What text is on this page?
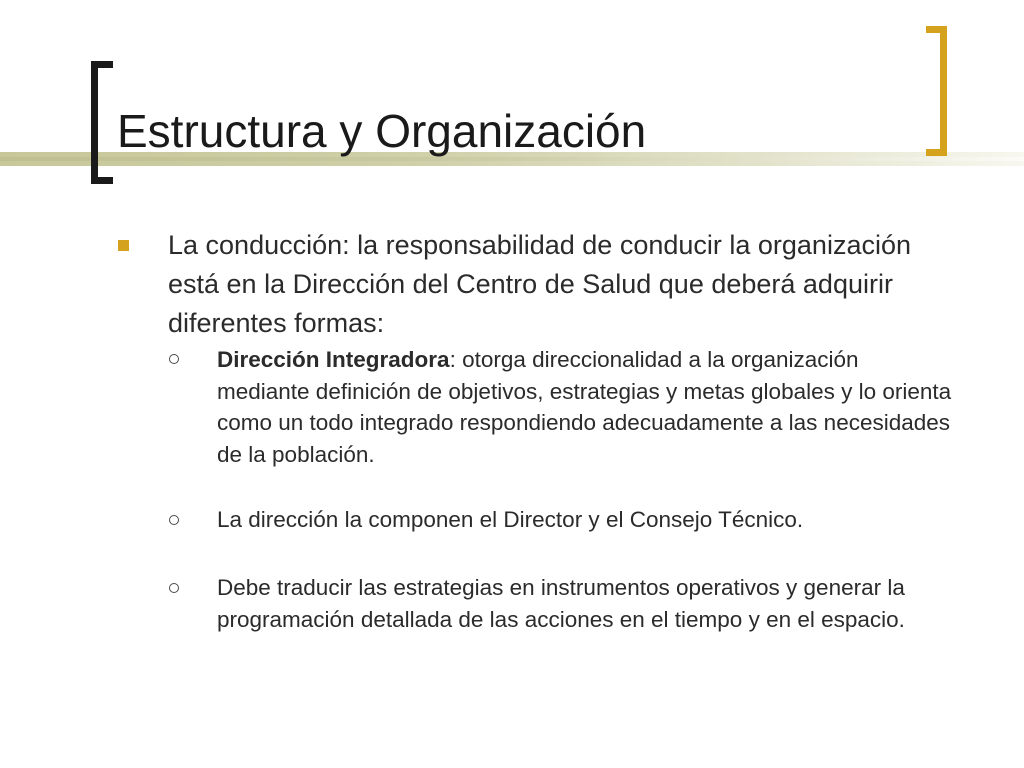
Estructura y Organización
La conducción: la responsabilidad de conducir la organización está en la Dirección del Centro de Salud que deberá adquirir diferentes formas:
Dirección Integradora: otorga direccionalidad a la organización mediante definición de objetivos, estrategias y metas globales y lo orienta como un todo integrado respondiendo adecuadamente a las necesidades de la población.
La dirección la componen el Director y el Consejo Técnico.
Debe traducir las estrategias en instrumentos operativos y generar la programación detallada de las acciones en el tiempo y en el espacio.
